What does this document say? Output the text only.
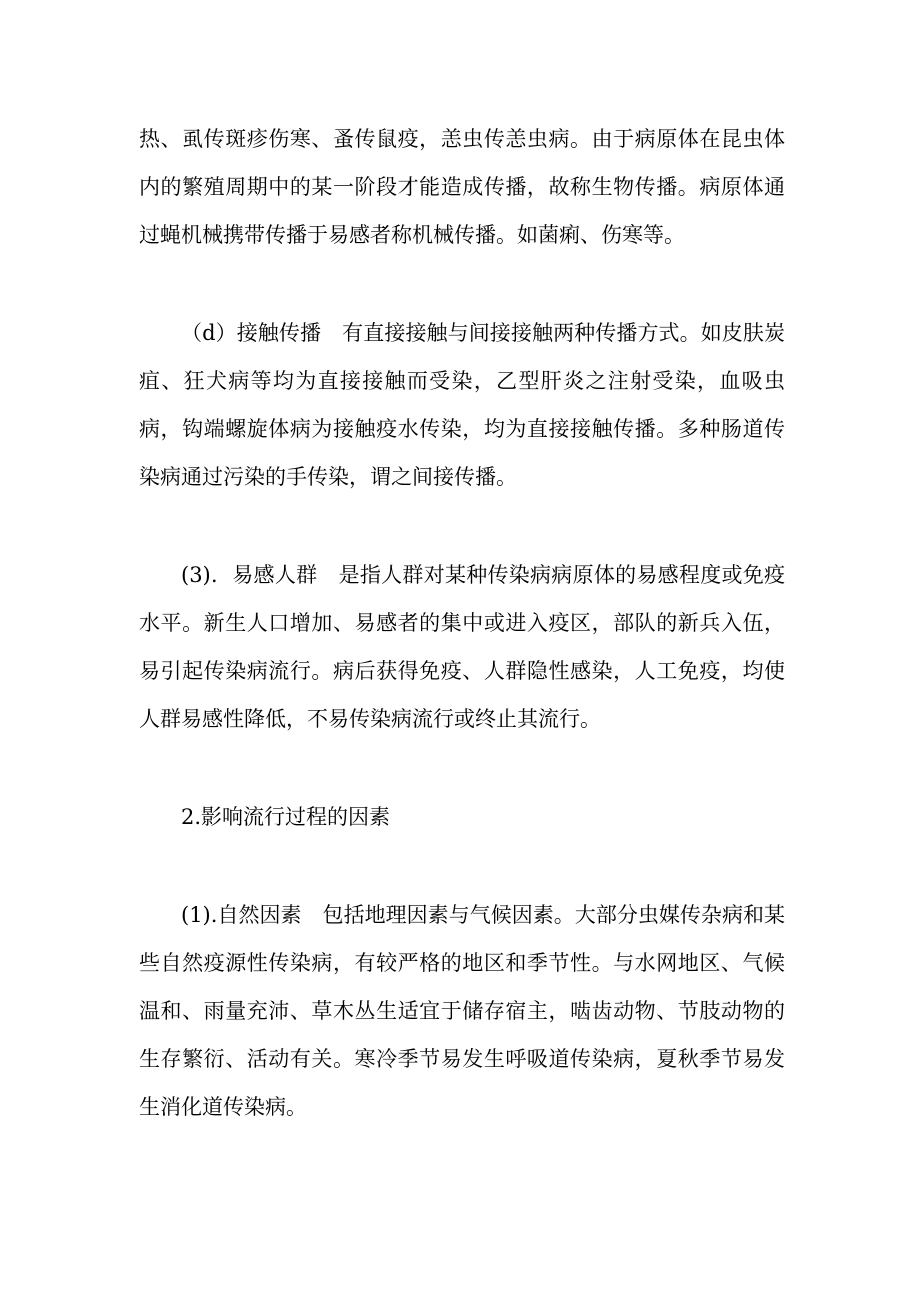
热、虱传斑疹伤寒、蚤传鼠疫，恙虫传恙虫病。由于病原体在昆虫体内的繁殖周期中的某一阶段才能造成传播，故称生物传播。病原体通过蝇机械携带传播于易感者称机械传播。如菌痢、伤寒等。

（d）接触传播　有直接接触与间接接触两种传播方式。如皮肤炭疽、狂犬病等均为直接接触而受染，乙型肝炎之注射受染，血吸虫病，钩端螺旋体病为接触疫水传染，均为直接接触传播。多种肠道传染病通过污染的手传染，谓之间接传播。

(3)．易感人群　是指人群对某种传染病病原体的易感程度或免疫水平。新生人口增加、易感者的集中或进入疫区，部队的新兵入伍，易引起传染病流行。病后获得免疫、人群隐性感染，人工免疫，均使人群易感性降低，不易传染病流行或终止其流行。

2.影响流行过程的因素

(1).自然因素　包括地理因素与气候因素。大部分虫媒传杂病和某些自然疫源性传染病，有较严格的地区和季节性。与水网地区、气候温和、雨量充沛、草木丛生适宜于储存宿主，啮齿动物、节肢动物的生存繁衍、活动有关。寒冷季节易发生呼吸道传染病，夏秋季节易发生消化道传染病。
